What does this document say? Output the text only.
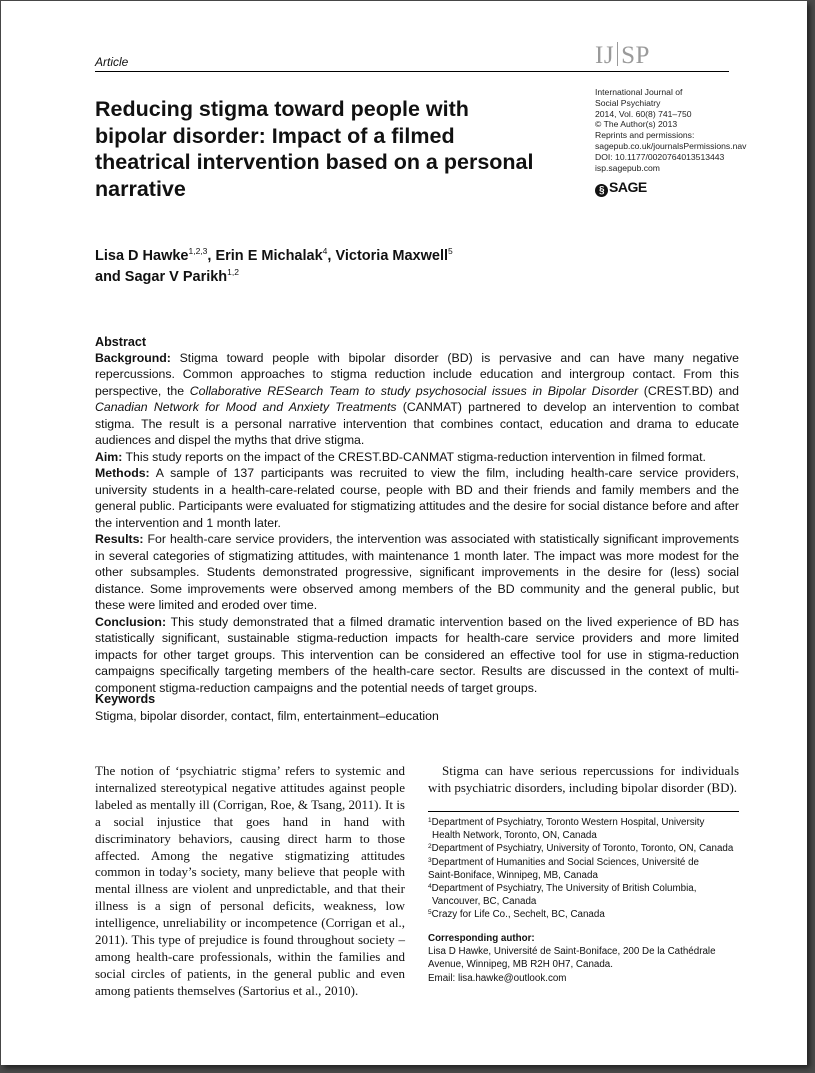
Article	IJ SP
Reducing stigma toward people with bipolar disorder: Impact of a filmed theatrical intervention based on a personal narrative
International Journal of
Social Psychiatry
2014, Vol. 60(8) 741–750
© The Author(s) 2013
Reprints and permissions:
sagepub.co.uk/journalsPermissions.nav
DOI: 10.1177/0020764013513443
isp.sagepub.com
§ SAGE
Lisa D Hawke$^{1,2,3}$, Erin E Michalak$^4$, Victoria Maxwell$^5$
and Sagar V Parikh$^{1,2}$
Abstract

Background: Stigma toward people with bipolar disorder (BD) is pervasive and can have many negative repercussions. Common approaches to stigma reduction include education and intergroup contact. From this perspective, the Collaborative RESearch Team to study psychosocial issues in Bipolar Disorder (CREST.BD) and Canadian Network for Mood and Anxiety Treatments (CANMAT) partnered to develop an intervention to combat stigma. The result is a personal narrative intervention that combines contact, education and drama to educate audiences and dispel the myths that drive stigma.

Aim: This study reports on the impact of the CREST.BD-CANMAT stigma-reduction intervention in filmed format.

Methods: A sample of 137 participants was recruited to view the film, including health-care service providers, university students in a health-care-related course, people with BD and their friends and family members and the general public. Participants were evaluated for stigmatizing attitudes and the desire for social distance before and after the intervention and 1 month later.

Results: For health-care service providers, the intervention was associated with statistically significant improvements in several categories of stigmatizing attitudes, with maintenance 1 month later. The impact was more modest for the other subsamples. Students demonstrated progressive, significant improvements in the desire for (less) social distance. Some improvements were observed among members of the BD community and the general public, but these were limited and eroded over time.

Conclusion: This study demonstrated that a filmed dramatic intervention based on the lived experience of BD has statistically significant, sustainable stigma-reduction impacts for health-care service providers and more limited impacts for other target groups. This intervention can be considered an effective tool for use in stigma-reduction campaigns specifically targeting members of the health-care sector. Results are discussed in the context of multi-component stigma-reduction campaigns and the potential needs of target groups.

Keywords
Stigma, bipolar disorder, contact, film, entertainment–education

The notion of ‘psychiatric stigma’ refers to systemic and internalized stereotypical negative attitudes against people labeled as mentally ill (Corrigan, Roe, & Tsang, 2011). It is a social injustice that goes hand in hand with discriminatory behaviors, causing direct harm to those affected. Among the negative stigmatizing attitudes common in today’s society, many believe that people with mental illness are violent and unpredictable, and that their illness is a sign of personal deficits, weakness, low intelligence, unreliability or incompetence (Corrigan et al., 2011). This type of prejudice is found throughout society – among health-care professionals, within the families and social circles of patients, in the general public and even among patients themselves (Sartorius et al., 2010).

Stigma can have serious repercussions for individuals with psychiatric disorders, including bipolar disorder (BD).

$^1$Department of Psychiatry, Toronto Western Hospital, University
Health Network, Toronto, ON, Canada
$^2$Department of Psychiatry, University of Toronto, Toronto, ON, Canada
$^3$Department of Humanities and Social Sciences, Université de
Saint-Boniface, Winnipeg, MB, Canada
$^4$Department of Psychiatry, The University of British Columbia,
Vancouver, BC, Canada
$^5$Crazy for Life Co., Sechelt, BC, Canada
Corresponding author:
Lisa D Hawke, Université de Saint-Boniface, 200 De la Cathédrale
Avenue, Winnipeg, MB R2H 0H7, Canada.
Email: lisa.hawke@outlook.com
